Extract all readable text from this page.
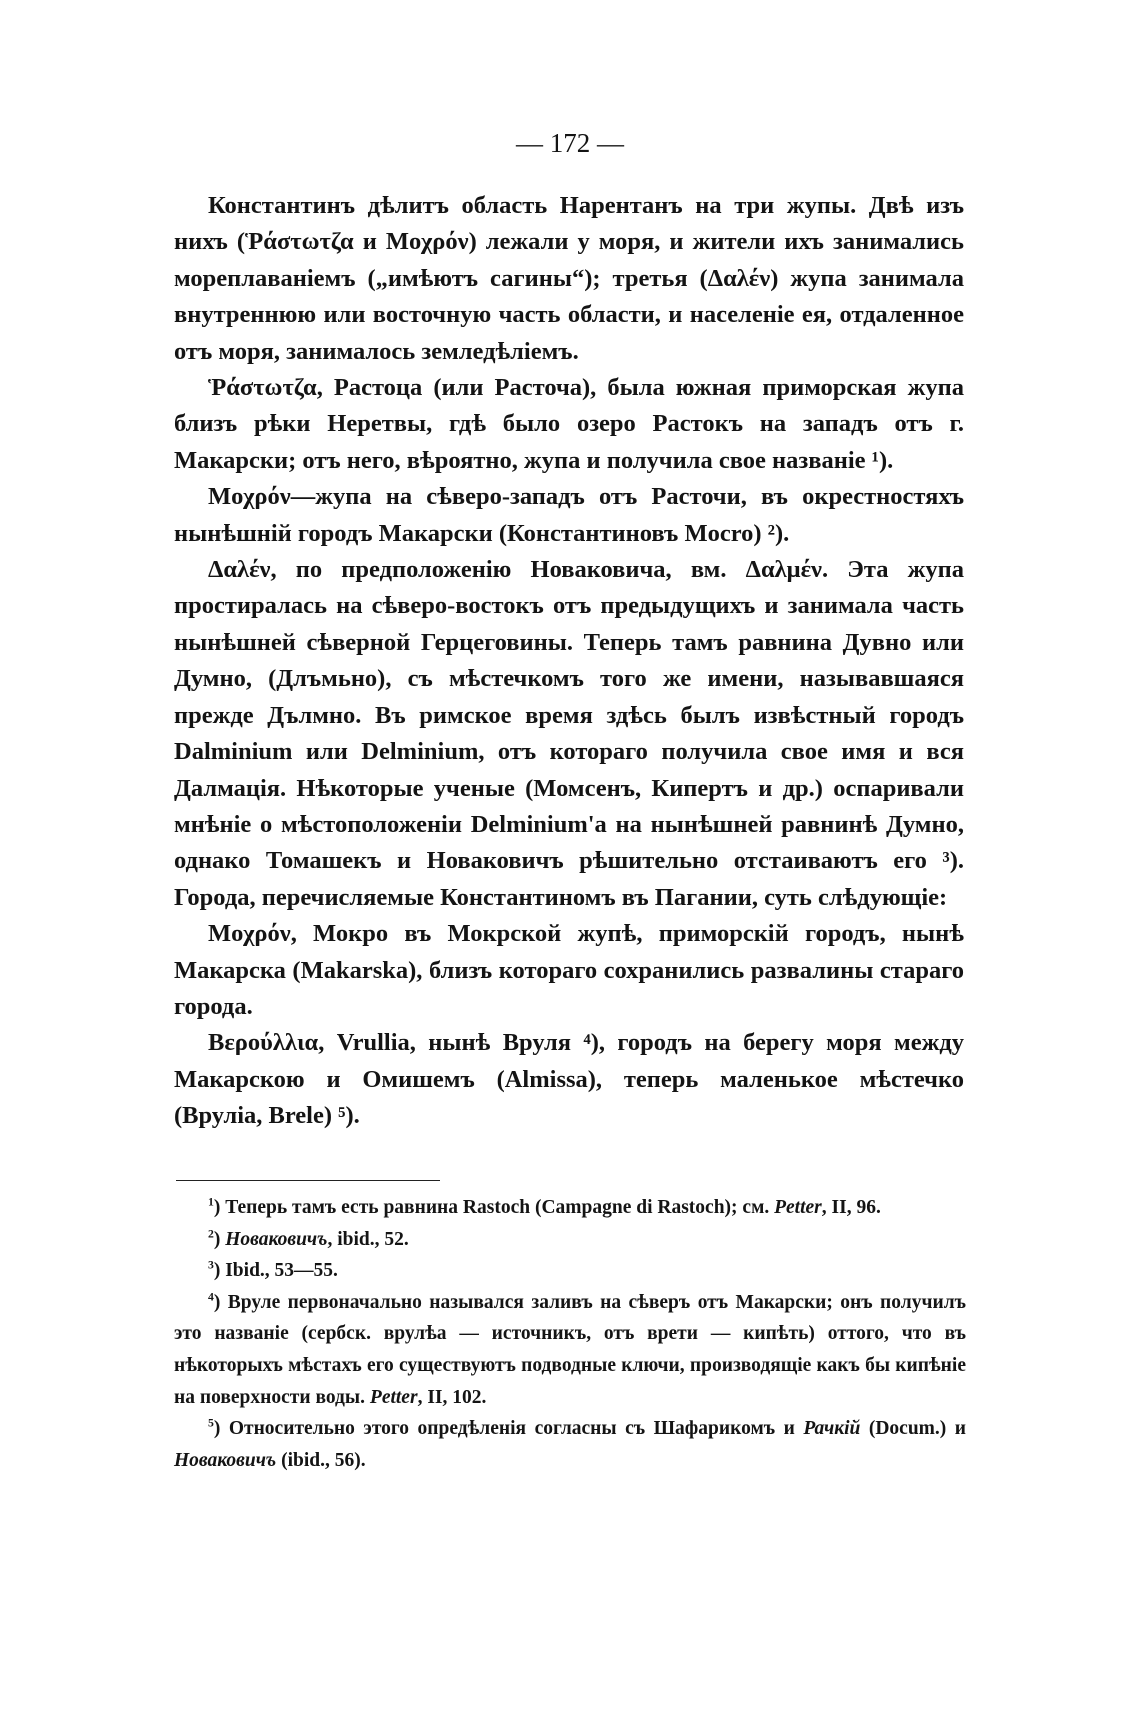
— 172 —

Константинъ дѣлитъ область Нарентанъ на три жупы. Двѣ изъ нихъ (Ῥάστωτζα и Μοχρόν) лежали у моря, и жители ихъ занимались мореплаваніемъ („имѣютъ сагины“); третья (Δαλέν) жупа занимала внутреннюю или восточную часть области, и населеніе ея, отдаленное отъ моря, занималось земледѣліемъ.

Ῥάστωτζα, Растоца (или Расточа), была южная приморская жупа близъ рѣки Неретвы, гдѣ было озеро Растокъ на западъ отъ г. Макарски; отъ него, вѣроятно, жупа и получила свое названіе ¹).

Μοχρόν—жупа на сѣверо-западъ отъ Расточи, въ окрестностяхъ нынѣшній городъ Макарски (Константиновъ Mocro) ²).

Δαλέν, по предположенію Новаковича, вм. Δαλμέν. Эта жупа простиралась на сѣверо-востокъ отъ предыдущихъ и занимала часть нынѣшней сѣверной Герцеговины. Теперь тамъ равнина Дувно или Думно, (Длъмьно), съ мѣстечкомъ того же имени, называвшаяся прежде Дълмно. Въ римское время здѣсь былъ извѣстный городъ Dalminium или Delminium, отъ котораго получила свое имя и вся Далмація. Нѣкоторые ученые (Момсенъ, Кипертъ и др.) оспаривали мнѣніе о мѣстоположеніи Delminium'а на нынѣшней равнинѣ Думно, однако Томашекъ и Новаковичъ рѣшительно отстаиваютъ его ³). Города, перечисляемые Константиномъ въ Пагании, суть слѣдующіе:

Μοχρόν, Мокро въ Мокрской жупѣ, приморскій городъ, нынѣ Макарска (Makarska), близъ котораго сохранились развалины стараго города.

Βερούλλια, Vrullia, нынѣ Вруля ⁴), городъ на берегу моря между Макарскою и Омишемъ (Almissa), теперь маленькое мѣстечко (Вруліа, Brele) ⁵).

$^1$) Теперь тамъ есть равнина Rastoch (Campagne di Rastoch); см. Petter, II, 96.

$^2$) Новаковичъ, ibid., 52.

$^3$) Ibid., 53—55.

$^4$) Вруле первоначально назывался заливъ на сѣверъ отъ Макарски; онъ получилъ это названіе (сербск. врулѣа — источникъ, отъ врети — кипѣть) оттого, что въ нѣкоторыхъ мѣстахъ его существуютъ подводные ключи, производящіе какъ бы кипѣніе на поверхности воды. Petter, II, 102.

$^5$) Относительно этого опредѣленія согласны съ Шафарикомъ и Рачкій (Docum.) и Новаковичъ (ibid., 56).
